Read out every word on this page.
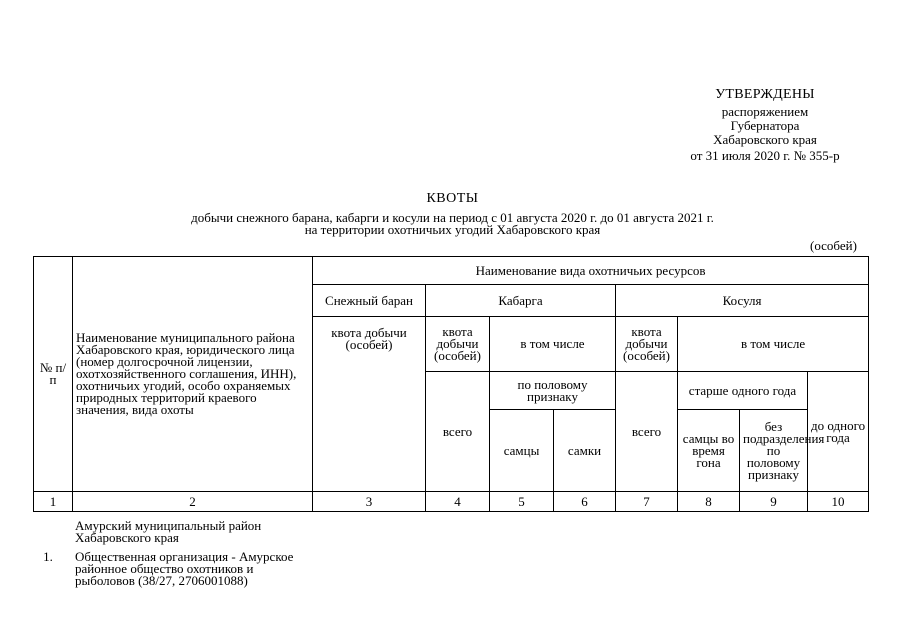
УТВЕРЖДЕНЫ
распоряжением
Губернатора
Хабаровского края
от 31 июля 2020 г. № 355-р
КВОТЫ
добычи снежного барана, кабарги и косули на период с 01 августа 2020 г. до 01 августа 2021 г.
на территории охотничьих угодий Хабаровского края
(особей)
№ п/п	Наименование муниципального района Хабаровского края, юридического лица (номер долгосрочной лицензии, охотхозяйственного соглашения, ИНН), охотничьих угодий, особо охраняемых природных территорий краевого значения, вида охоты	Наименование вида охотничьих ресурсов							
		Снежный баран	Кабарга			Косуля			
		квота добычи (особей)	квота добычи (особей)	в том числе		квота добычи (особей)	в том числе		
			всего	по половому признаку		всего	старше одного года		до одного года
				самцы	самки		самцы во время гона	без подразделения по половому признаку	
1	2	3	4	5	6	7	8	9	10
Амурский муниципальный район Хабаровского края
1.	Общественная организация - Амурское районное общество охотников и рыболовов (38/27, 2706001088)
